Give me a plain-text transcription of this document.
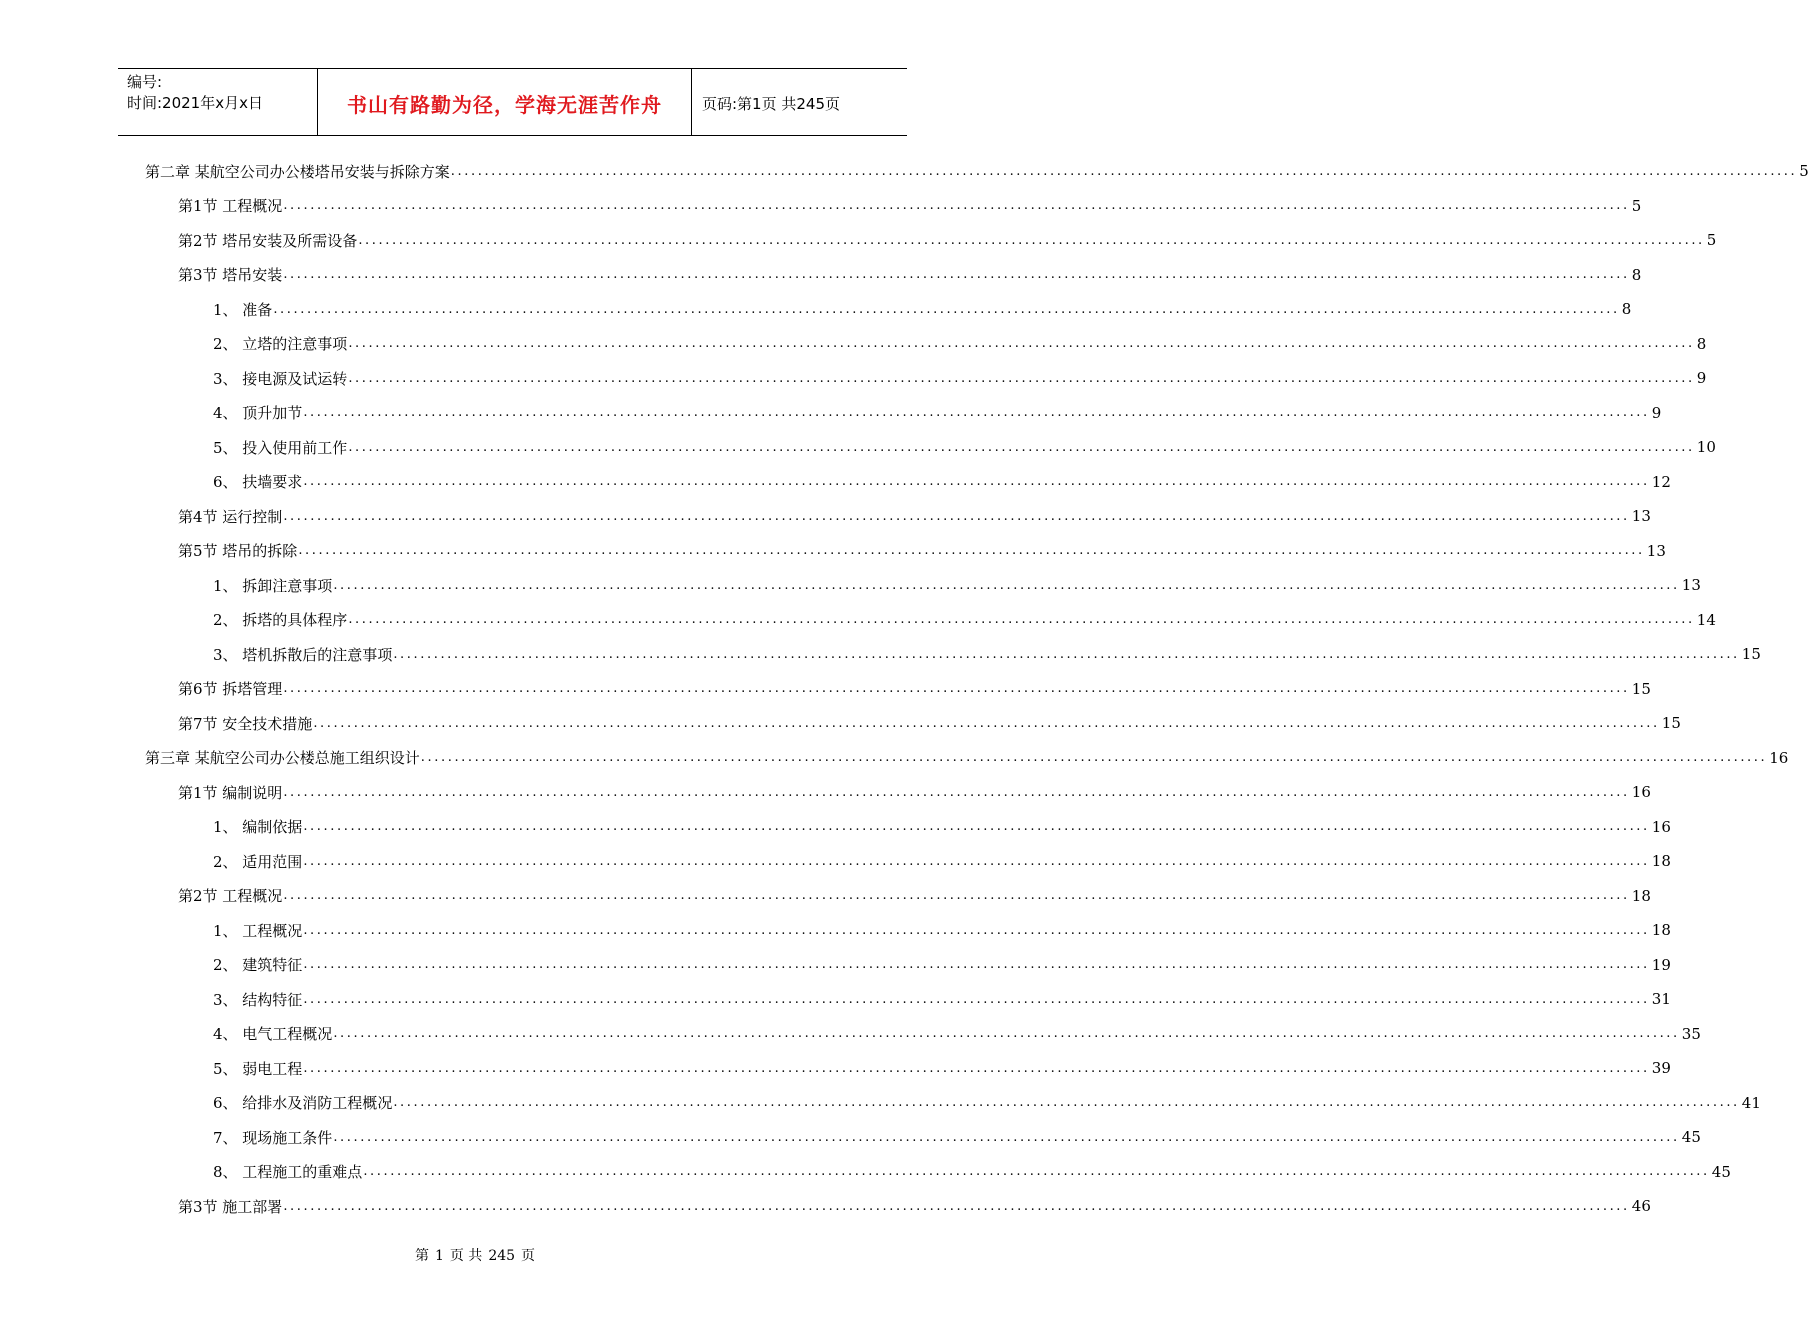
编号:
时间:2021年x月x日	书山有路勤为径，学海无涯苦作舟	页码:第1页 共245页
第二章 某航空公司办公楼塔吊安装与拆除方案 ........................................................................................................................................................................................................ 5
第1节 工程概况 ........................................................................................................................................................................................................ 5
第2节 塔吊安装及所需设备 ........................................................................................................................................................................................................ 5
第3节 塔吊安装 ........................................................................................................................................................................................................ 8
1、 准备 ........................................................................................................................................................................................................ 8
2、 立塔的注意事项 ........................................................................................................................................................................................................ 8
3、 接电源及试运转 ........................................................................................................................................................................................................ 9
4、 顶升加节 ........................................................................................................................................................................................................ 9
5、 投入使用前工作 ........................................................................................................................................................................................................ 10
6、 扶墙要求 ........................................................................................................................................................................................................ 12
第4节 运行控制 ........................................................................................................................................................................................................ 13
第5节 塔吊的拆除 ........................................................................................................................................................................................................ 13
1、 拆卸注意事项 ........................................................................................................................................................................................................ 13
2、 拆塔的具体程序 ........................................................................................................................................................................................................ 14
3、 塔机拆散后的注意事项 ........................................................................................................................................................................................................ 15
第6节 拆塔管理 ........................................................................................................................................................................................................ 15
第7节 安全技术措施 ........................................................................................................................................................................................................ 15
第三章 某航空公司办公楼总施工组织设计 ........................................................................................................................................................................................................ 16
第1节 编制说明 ........................................................................................................................................................................................................ 16
1、 编制依据 ........................................................................................................................................................................................................ 16
2、 适用范围 ........................................................................................................................................................................................................ 18
第2节 工程概况 ........................................................................................................................................................................................................ 18
1、 工程概况 ........................................................................................................................................................................................................ 18
2、 建筑特征 ........................................................................................................................................................................................................ 19
3、 结构特征 ........................................................................................................................................................................................................ 31
4、 电气工程概况 ........................................................................................................................................................................................................ 35
5、 弱电工程 ........................................................................................................................................................................................................ 39
6、 给排水及消防工程概况 ........................................................................................................................................................................................................ 41
7、 现场施工条件 ........................................................................................................................................................................................................ 45
8、 工程施工的重难点 ........................................................................................................................................................................................................ 45
第3节 施工部署 ........................................................................................................................................................................................................ 46
第 1 页 共 245 页
